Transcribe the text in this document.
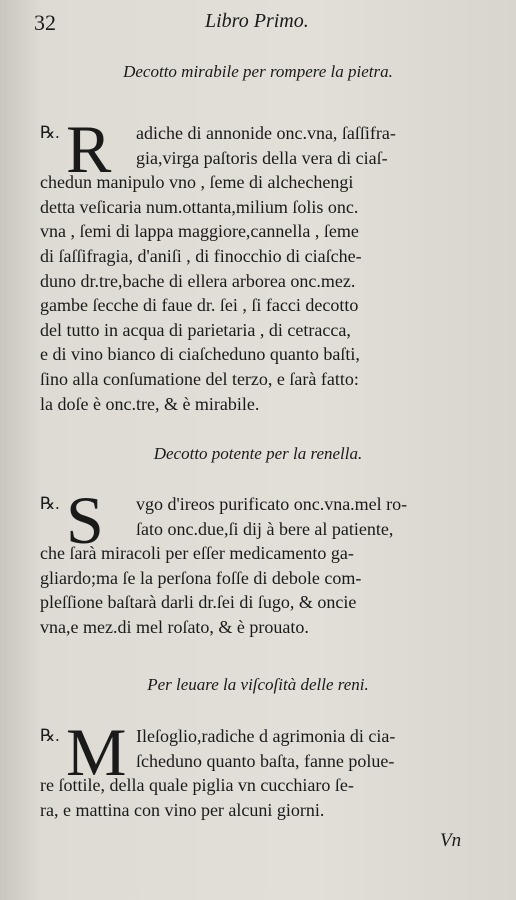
32	Libro Primo.
Decotto mirabile per rompere la pietra.
℞. R	adiche di annonide onc.vna, ſaſſifra-
gia,virga paſtoris della vera di ciaſ-
chedun manipulo vno , ſeme di alchechengi
detta veſicaria num.ottanta,milium ſolis onc.
vna , ſemi di lappa maggiore,cannella , ſeme
di ſaſſifragia, d'aniſi , di finocchio di ciaſche-
duno dr.tre,bache di ellera arborea onc.mez.
gambe ſecche di faue dr. ſei , ſi facci decotto
del tutto in acqua di parietaria , di cetracca,
e di vino bianco di ciaſcheduno quanto baſti,
ſino alla conſumatione del terzo, e ſarà fatto:
la doſe è onc.tre, & è mirabile.
Decotto potente per la renella.
℞. S	vgo d'ireos purificato onc.vna.mel ro-
ſato onc.due,ſi dij à bere al patiente,
che ſarà miracoli per eſſer medicamento ga-
gliardo;ma ſe la perſona foſſe di debole com-
pleſſione baſtarà darli dr.ſei di ſugo, & oncie
vna,e mez.di mel roſato, & è prouato.
Per leuare la viſcoſità delle reni.
℞. M Ileſoglio,radiche d agrimonia di cia-
ſcheduno quanto baſta, fanne polue-
re ſottile, della quale piglia vn cucchiaro ſe-
ra, e mattina con vino per alcuni giorni.
Vn
